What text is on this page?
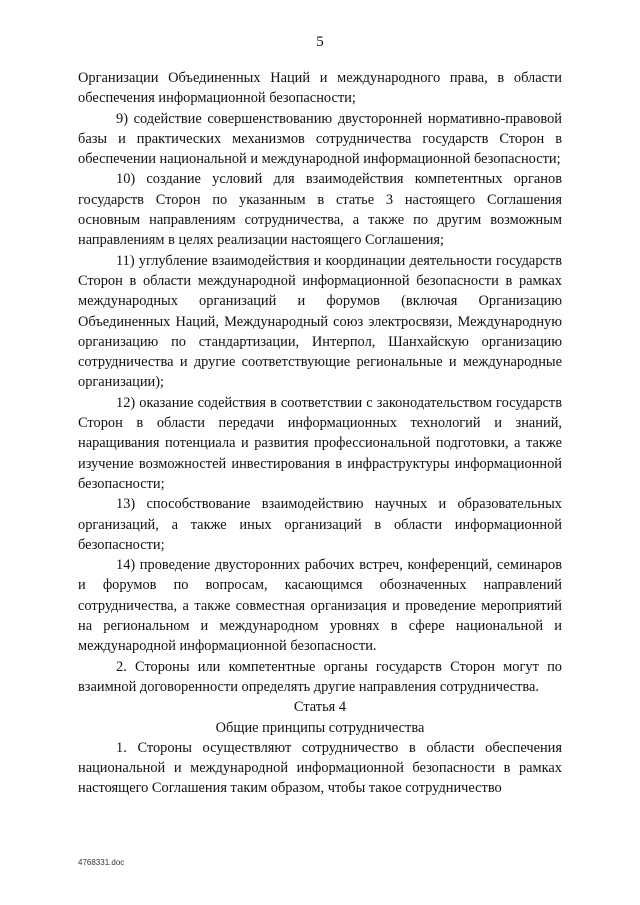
5

Организации Объединенных Наций и международного права, в области обеспечения информационной безопасности;

9) содействие совершенствованию двусторонней нормативно-правовой базы и практических механизмов сотрудничества государств Сторон в обеспечении национальной и международной информационной безопасности;

10) создание условий для взаимодействия компетентных органов государств Сторон по указанным в статье 3 настоящего Соглашения основным направлениям сотрудничества, а также по другим возможным направлениям в целях реализации настоящего Соглашения;

11) углубление взаимодействия и координации деятельности государств Сторон в области международной информационной безопасности в рамках международных организаций и форумов (включая Организацию Объединенных Наций, Международный союз электросвязи, Международную организацию по стандартизации, Интерпол, Шанхайскую организацию сотрудничества и другие соответствующие региональные и международные организации);

12) оказание содействия в соответствии с законодательством государств Сторон в области передачи информационных технологий и знаний, наращивания потенциала и развития профессиональной подготовки, а также изучение возможностей инвестирования в инфраструктуры информационной безопасности;

13) способствование взаимодействию научных и образовательных организаций, а также иных организаций в области информационной безопасности;

14) проведение двусторонних рабочих встреч, конференций, семинаров и форумов по вопросам, касающимся обозначенных направлений сотрудничества, а также совместная организация и проведение мероприятий на региональном и международном уровнях в сфере национальной и международной информационной безопасности.

2. Стороны или компетентные органы государств Сторон могут по взаимной договоренности определять другие направления сотрудничества.

Статья 4

Общие принципы сотрудничества

1. Стороны осуществляют сотрудничество в области обеспечения национальной и международной информационной безопасности в рамках настоящего Соглашения таким образом, чтобы такое сотрудничество

4768331.doc
